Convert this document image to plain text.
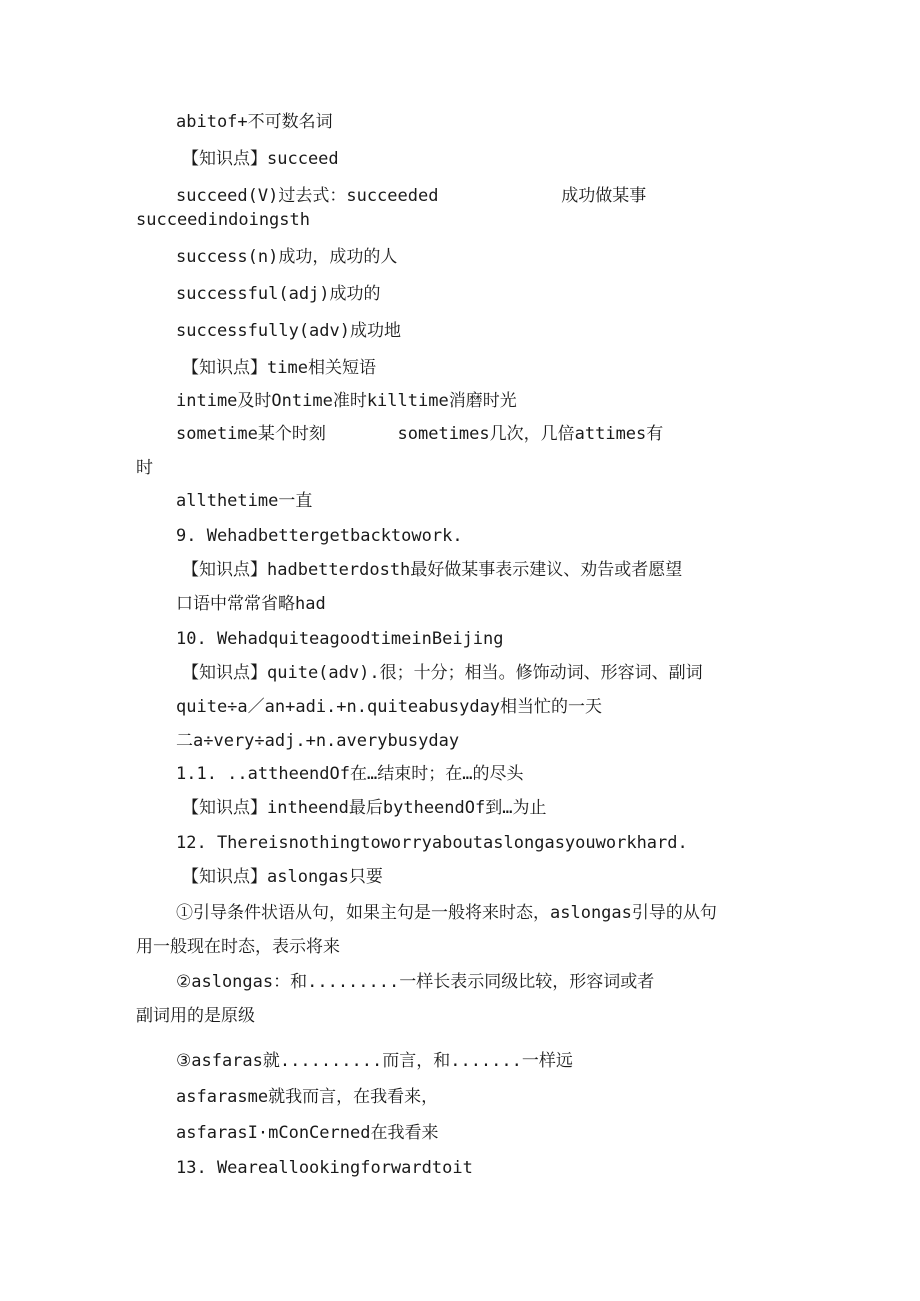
abitof+不可数名词
【知识点】succeed
succeed(V)过去式：succeeded            成功做某事
succeedindoingsth
success(n)成功，成功的人
successful(adj)成功的
successfully(adv)成功地
【知识点】time相关短语
intime及时Ontime准时killtime消磨时光
sometime某个时刻       sometimes几次，几倍attimes有
时
allthetime一直
9. Wehadbettergetbacktowork.
【知识点】hadbetterdosth最好做某事表示建议、劝告或者愿望
口语中常常省略had
10. WehadquiteagoodtimeinBeijing
【知识点】quite(adv).很；十分；相当。修饰动词、形容词、副词
quite÷a／an+adi.+n.quiteabusyday相当忙的一天
二a÷very÷adj.+n.averybusyday
1.1. ..attheendOf在…结束时；在…的尽头
【知识点】intheend最后bytheendOf到…为止
12. Thereisnothingtoworryaboutaslongasyouworkhard.
【知识点】aslongas只要
①引导条件状语从句，如果主句是一般将来时态，aslongas引导的从句
用一般现在时态，表示将来
②aslongas：和.........一样长表示同级比较，形容词或者
副词用的是原级
③asfaras就..........而言，和.......一样远
asfarasme就我而言，在我看来，
asfarasI·mConCerned在我看来
13. Weareallookingforwardtoit
